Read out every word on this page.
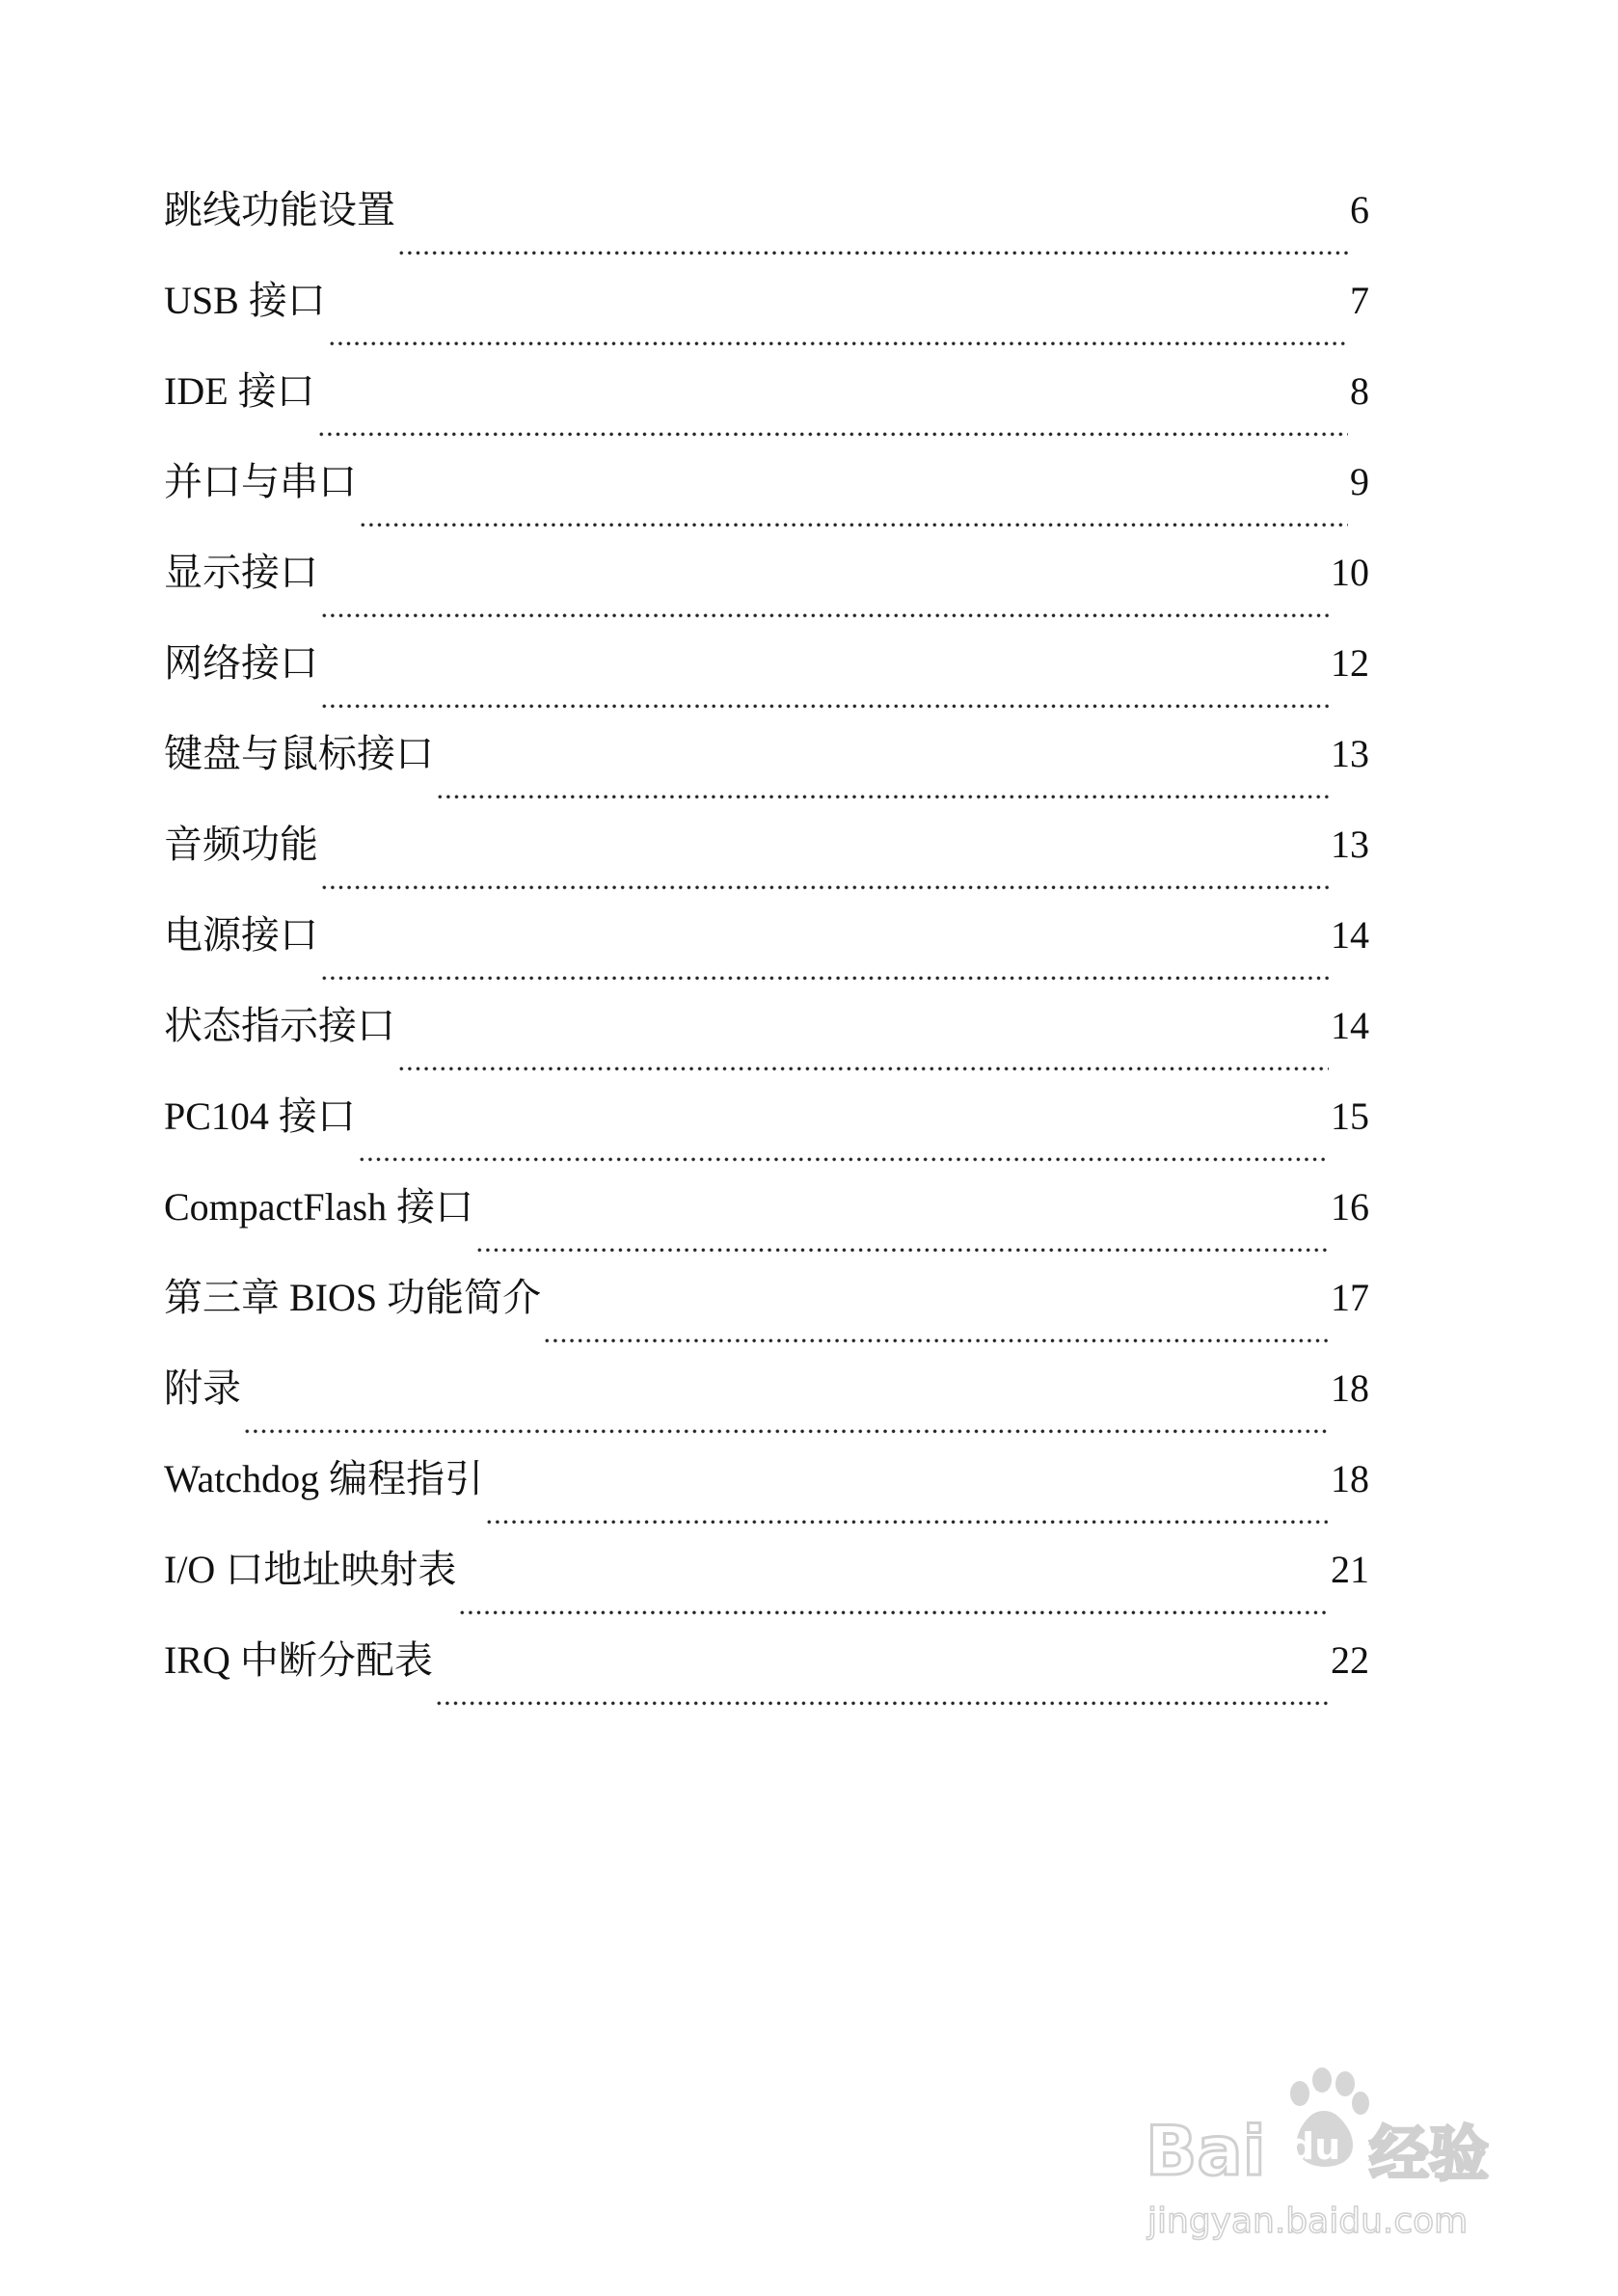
跳线功能设置	6
USB 接口	7
IDE 接口	8
并口与串口	9
显示接口	10
网络接口	12
键盘与鼠标接口	13
音频功能	13
电源接口	14
状态指示接口	14
PC104 接口	15
CompactFlash 接口	16
第三章 BIOS 功能简介	17
附录	18
Watchdog 编程指引	18
I/O 口地址映射表	21
IRQ 中断分配表	22
Bai du 经验
jingyan.baidu.com
